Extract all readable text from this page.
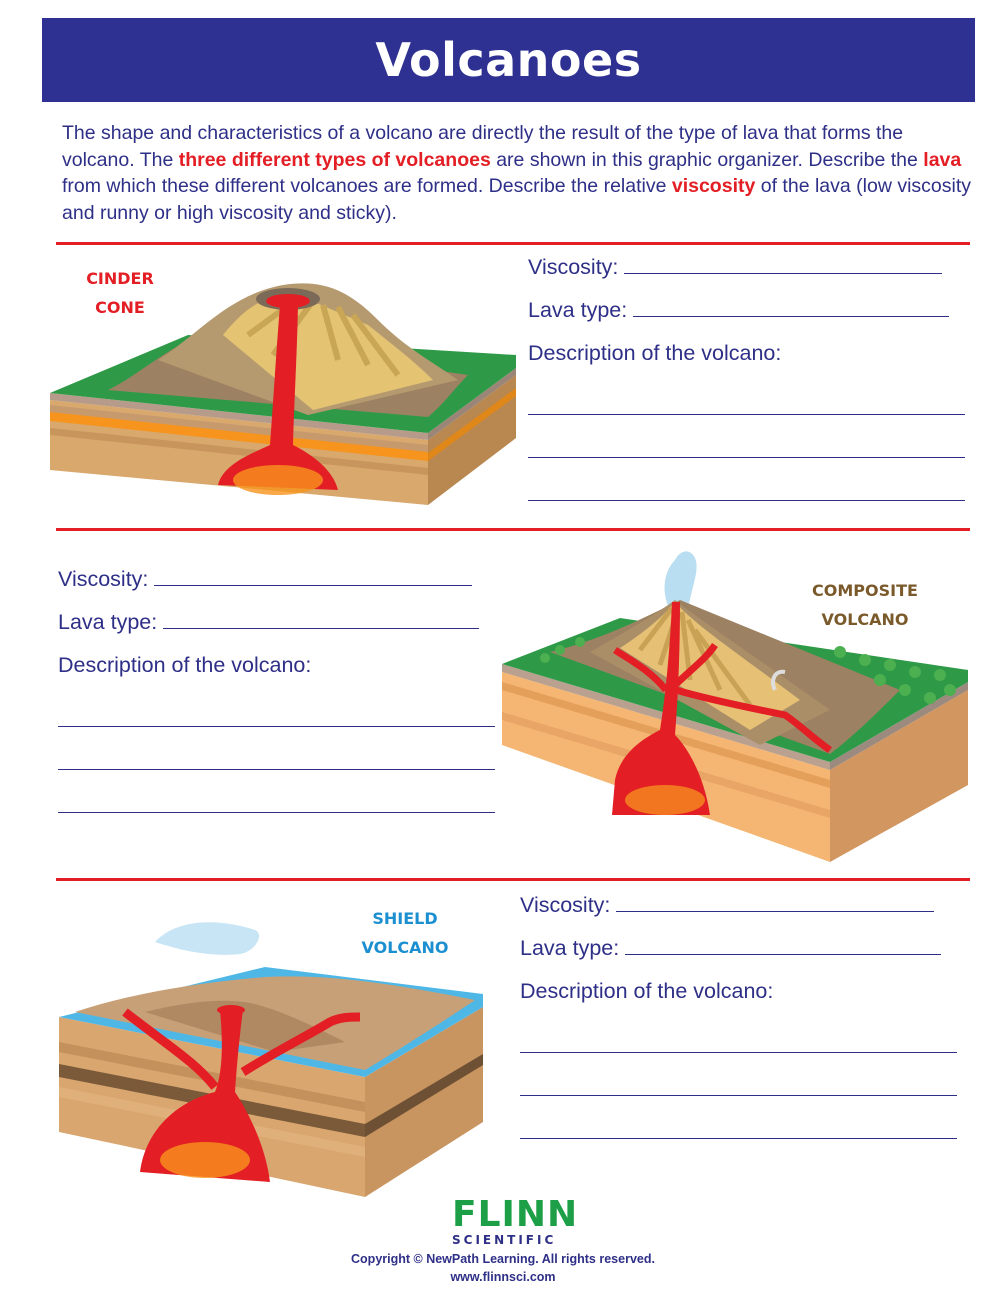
Volcanoes

The shape and characteristics of a volcano are directly the result of the type of lava that forms the volcano. The three different types of volcanoes are shown in this graphic organizer. Describe the lava from which these different volcanoes are formed. Describe the relative viscosity of the lava (low viscosity and runny or high viscosity and sticky).

CINDER
CONE
Viscosity:
Lava type:
Description of the volcano:
Viscosity:
Lava type:
Description of the volcano:
COMPOSITE
VOLCANO
SHIELD
VOLCANO
Viscosity:
Lava type:
Description of the volcano:
FLINN
SCIENTIFIC
Copyright © NewPath Learning. All rights reserved.
www.flinnsci.com
